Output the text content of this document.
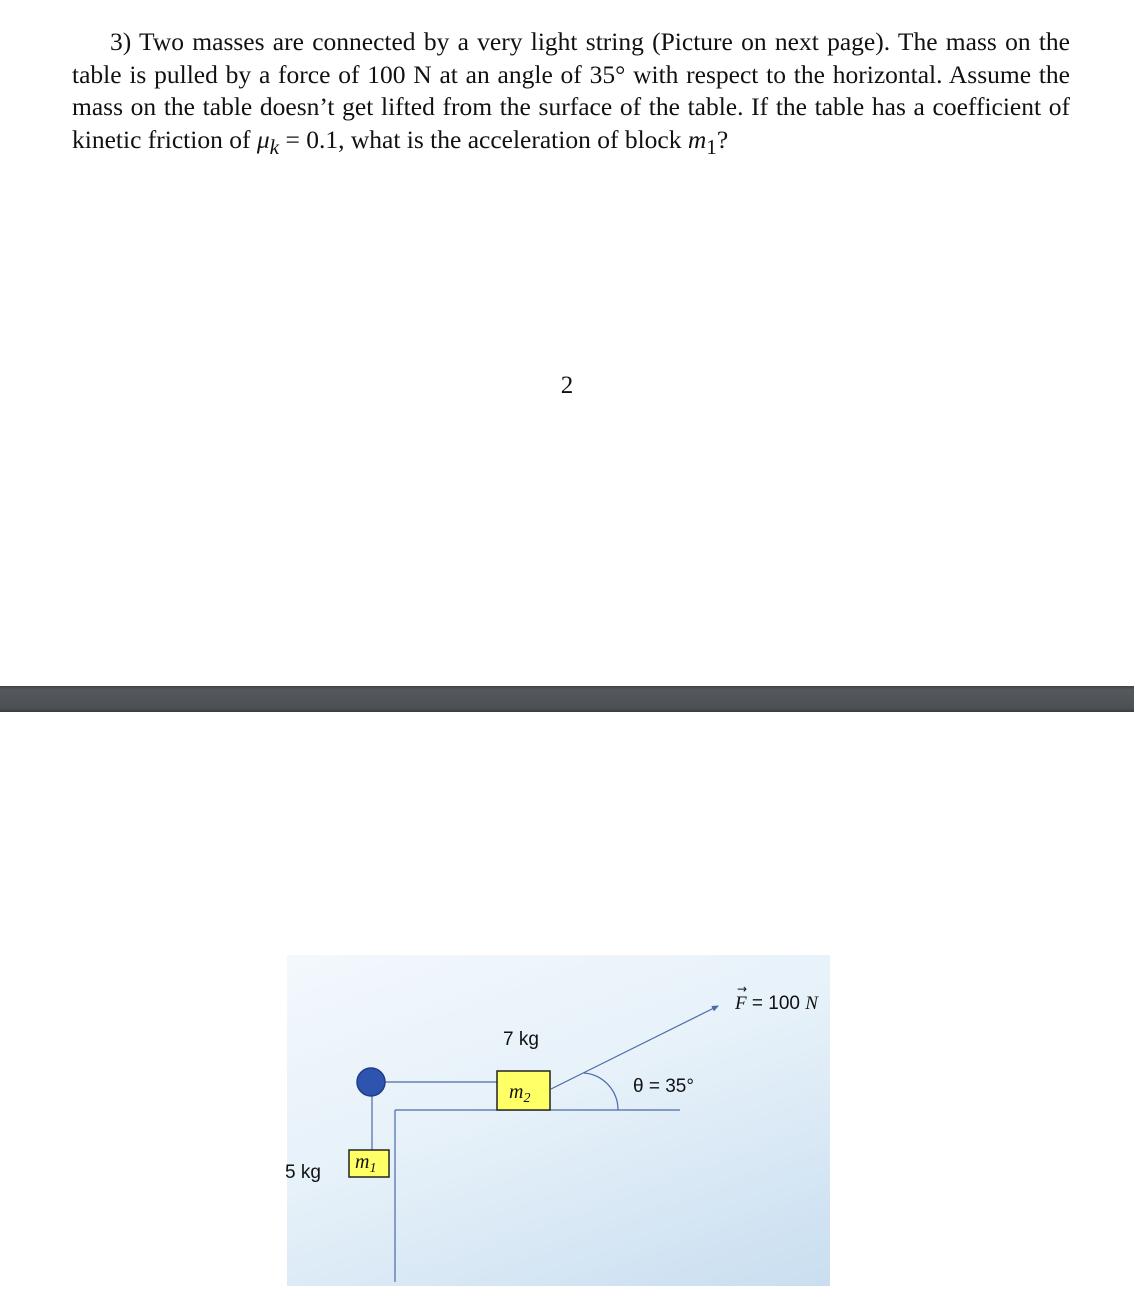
3) Two masses are connected by a very light string (Picture on next page). The mass on the table is pulled by a force of 100 N at an angle of 35° with respect to the horizontal. Assume the mass on the table doesn’t get lifted from the surface of the table. If the table has a coefficient of kinetic friction of $\mu_k = 0.1$, what is the acceleration of block $m_1$?

2
$m_2$
$m_1$
7 kg
5 kg
θ = 35°
F = 100 N
→
